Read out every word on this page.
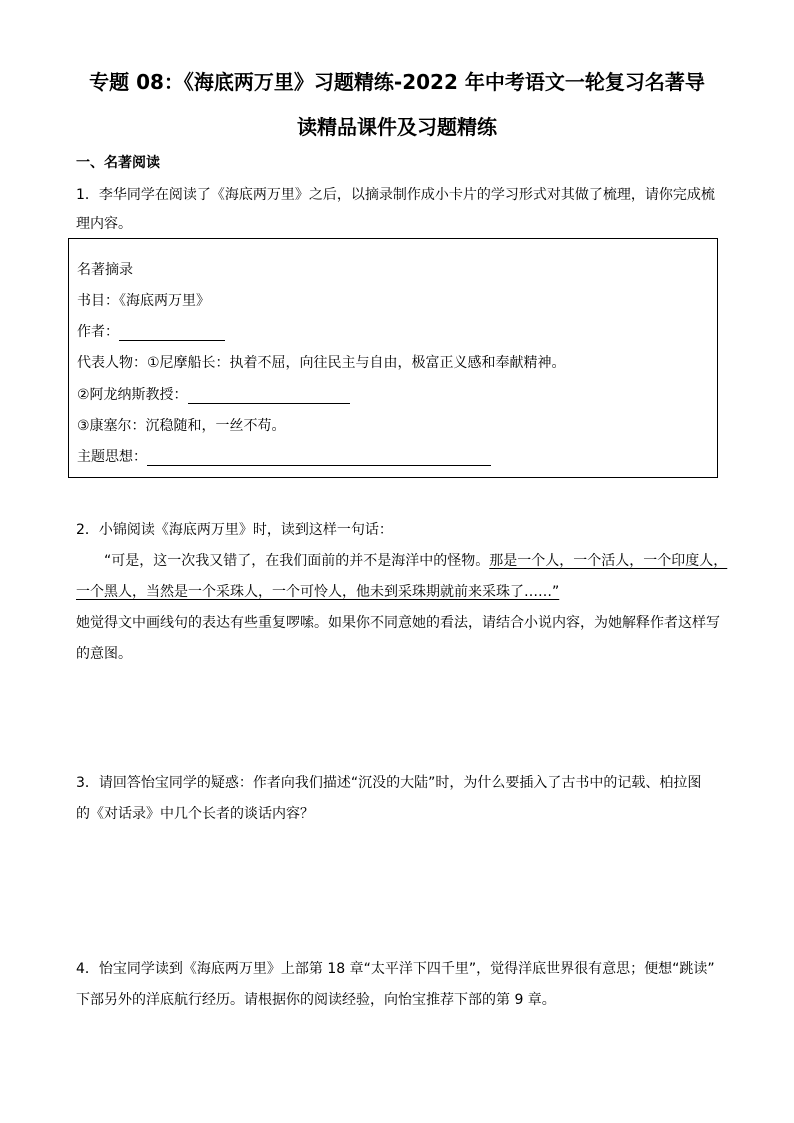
专题 08：《海底两万里》习题精练-2022 年中考语文一轮复习名著导
读精品课件及习题精练
一、名著阅读
1．李华同学在阅读了《海底两万里》之后，以摘录制作成小卡片的学习形式对其做了梳理，请你完成梳
理内容。
名著摘录
书目：《海底两万里》
作者：
代表人物：①尼摩船长：执着不屈，向往民主与自由，极富正义感和奉献精神。
②阿龙纳斯教授：
③康塞尔：沉稳随和，一丝不苟。
主题思想：
2．小锦阅读《海底两万里》时，读到这样一句话：
“可是，这一次我又错了，在我们面前的并不是海洋中的怪物。那是一个人，一个活人，一个印度人，
一个黑人，当然是一个采珠人，一个可怜人，他未到采珠期就前来采珠了……”
她觉得文中画线句的表达有些重复啰嗦。如果你不同意她的看法，请结合小说内容，为她解释作者这样写
的意图。
3．请回答怡宝同学的疑惑：作者向我们描述“沉没的大陆”时，为什么要插入了古书中的记载、柏拉图
的《对话录》中几个长者的谈话内容？
4．怡宝同学读到《海底两万里》上部第 18 章“太平洋下四千里”，觉得洋底世界很有意思；便想“跳读”
下部另外的洋底航行经历。请根据你的阅读经验，向怡宝推荐下部的第 9 章。
